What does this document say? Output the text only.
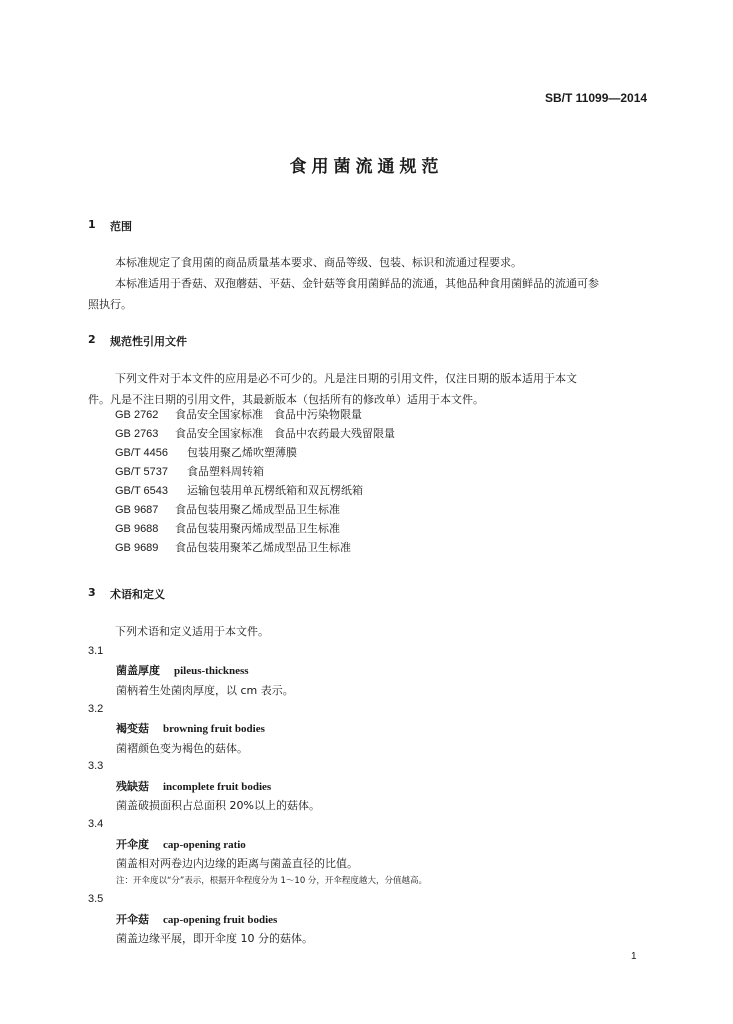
SB/T 11099—2014
食用菌流通规范
1 范围
本标准规定了食用菌的商品质量基本要求、商品等级、包装、标识和流通过程要求。
本标准适用于香菇、双孢蘑菇、平菇、金针菇等食用菌鲜品的流通，其他品种食用菌鲜品的流通可参
照执行。
2 规范性引用文件
下列文件对于本文件的应用是必不可少的。凡是注日期的引用文件，仅注日期的版本适用于本文
件。凡是不注日期的引用文件，其最新版本（包括所有的修改单）适用于本文件。
GB 2762 食品安全国家标准　食品中污染物限量
GB 2763 食品安全国家标准　食品中农药最大残留限量
GB/T 4456 包装用聚乙烯吹塑薄膜
GB/T 5737 食品塑料周转箱
GB/T 6543 运输包装用单瓦楞纸箱和双瓦楞纸箱
GB 9687 食品包装用聚乙烯成型品卫生标准
GB 9688 食品包装用聚丙烯成型品卫生标准
GB 9689 食品包装用聚苯乙烯成型品卫生标准
3 术语和定义
下列术语和定义适用于本文件。
3.1
菌盖厚度 pileus-thickness
菌柄着生处菌肉厚度，以 cm 表示。
3.2
褐变菇 browning fruit bodies
菌褶颜色变为褐色的菇体。
3.3
残缺菇 incomplete fruit bodies
菌盖破损面积占总面积 20%以上的菇体。
3.4
开伞度 cap-opening ratio
菌盖相对两卷边内边缘的距离与菌盖直径的比值。
注：开伞度以“分”表示，根据开伞程度分为 1～10 分，开伞程度越大，分值越高。
3.5
开伞菇 cap-opening fruit bodies
菌盖边缘平展，即开伞度 10 分的菇体。
1
